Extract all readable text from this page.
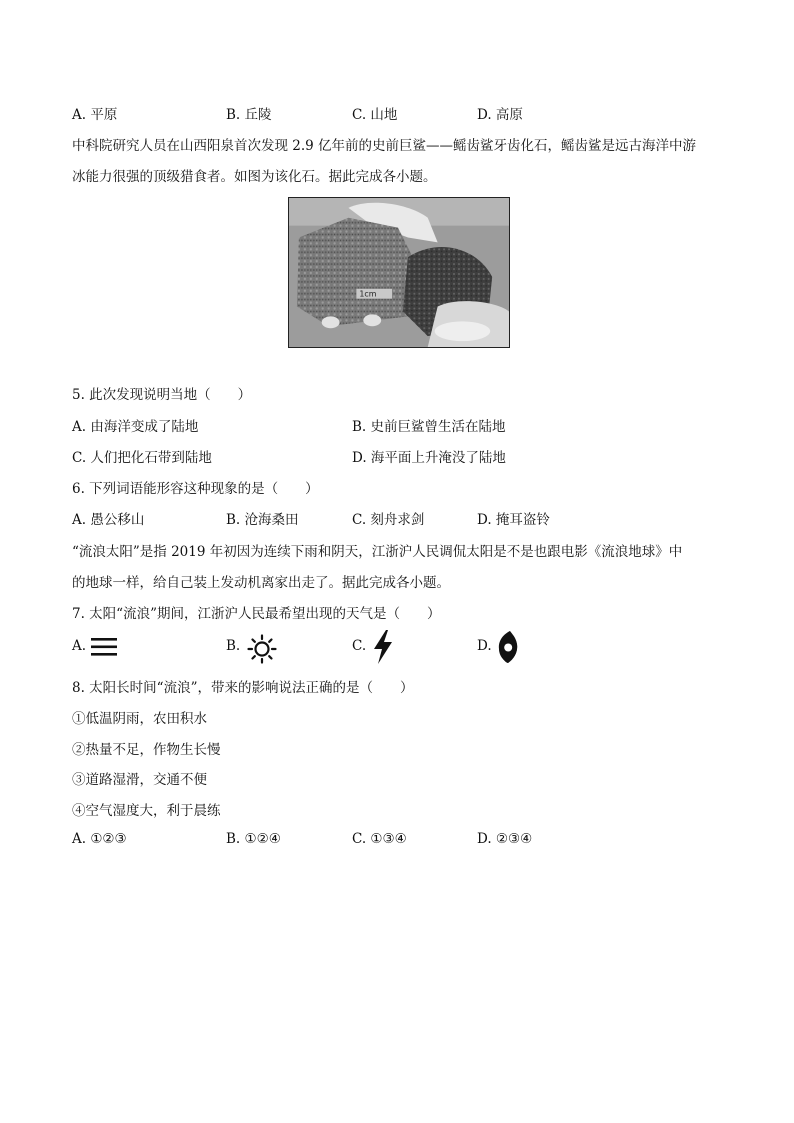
A. 平原	B. 丘陵	C. 山地	D. 高原
中科院研究人员在山西阳泉首次发现 2.9 亿年前的史前巨鲨——鳐齿鲨牙齿化石，鳐齿鲨是远古海洋中游
冰能力很强的顶级猎食者。如图为该化石。据此完成各小题。
1cm
5. 此次发现说明当地（　　）
A. 由海洋变成了陆地	B. 史前巨鲨曾生活在陆地
C. 人们把化石带到陆地	D. 海平面上升淹没了陆地
6. 下列词语能形容这种现象的是（　　）
A. 愚公移山	B. 沧海桑田	C. 刻舟求剑	D. 掩耳盗铃
“流浪太阳”是指 2019 年初因为连续下雨和阴天，江浙沪人民调侃太阳是不是也跟电影《流浪地球》中
的地球一样，给自己装上发动机离家出走了。据此完成各小题。
7. 太阳“流浪”期间，江浙沪人民最希望出现的天气是（　　）
A.	B.	C.	D.
8. 太阳长时间“流浪”，带来的影响说法正确的是（　　）
①低温阴雨，农田积水
②热量不足，作物生长慢
③道路湿滑，交通不便
④空气湿度大，利于晨练
A. ①②③	B. ①②④	C. ①③④	D. ②③④
